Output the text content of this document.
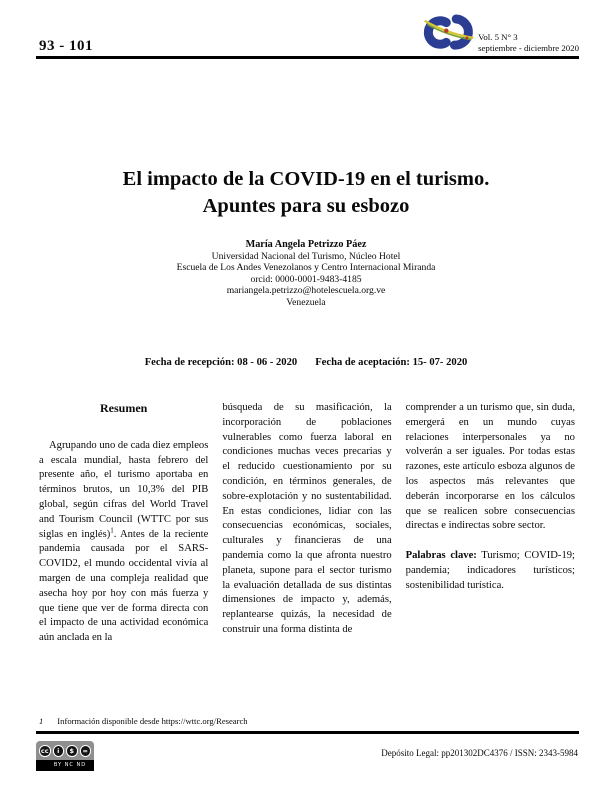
93 - 101
Vol. 5 N° 3
septiembre - diciembre 2020
El impacto de la COVID-19 en el turismo.
Apuntes para su esbozo
María Angela Petrizzo Páez
Universidad Nacional del Turismo, Núcleo Hotel
Escuela de Los Andes Venezolanos y Centro Internacional Miranda
orcid: 0000-0001-9483-4185
mariangela.petrizzo@hotelescuela.org.ve
Venezuela
Fecha de recepción: 08 - 06 - 2020 Fecha de aceptación: 15- 07- 2020
Resumen

Agrupando uno de cada diez empleos a escala mundial, hasta febrero del presente año, el turismo aportaba en términos brutos, un 10,3% del PIB global, según cifras del World Travel and Tourism Council (WTTC por sus siglas en inglés)$^1$. Antes de la reciente pandemia causada por el SARS-COVID2, el mundo occidental vivía al margen de una compleja realidad que asecha hoy por hoy con más fuerza y que tiene que ver de forma directa con el impacto de una actividad económica aún anclada en la

búsqueda de su masificación, la incorporación de poblaciones vulnerables como fuerza laboral en condiciones muchas veces precarias y el reducido cuestionamiento por su condición, en términos generales, de sobre-explotación y no sustentabilidad. En estas condiciones, lidiar con las consecuencias económicas, sociales, culturales y financieras de una pandemia como la que afronta nuestro planeta, supone para el sector turismo la evaluación detallada de sus distintas dimensiones de impacto y, además, replantearse quizás, la necesidad de construir una forma distinta de

comprender a un turismo que, sin duda, emergerá en un mundo cuyas relaciones interpersonales ya no volverán a ser iguales. Por todas estas razones, este artículo esboza algunos de los aspectos más relevantes que deberán incorporarse en los cálculos que se realicen sobre consecuencias directas e indirectas sobre sector.

Palabras clave: Turismo; COVID-19; pandemia; indicadores turísticos; sostenibilidad turística.

1 Información disponible desde https://wttc.org/Research
cc	i	$	=
BY NC ND
Depósito Legal: pp201302DC4376 / ISSN: 2343-5984
